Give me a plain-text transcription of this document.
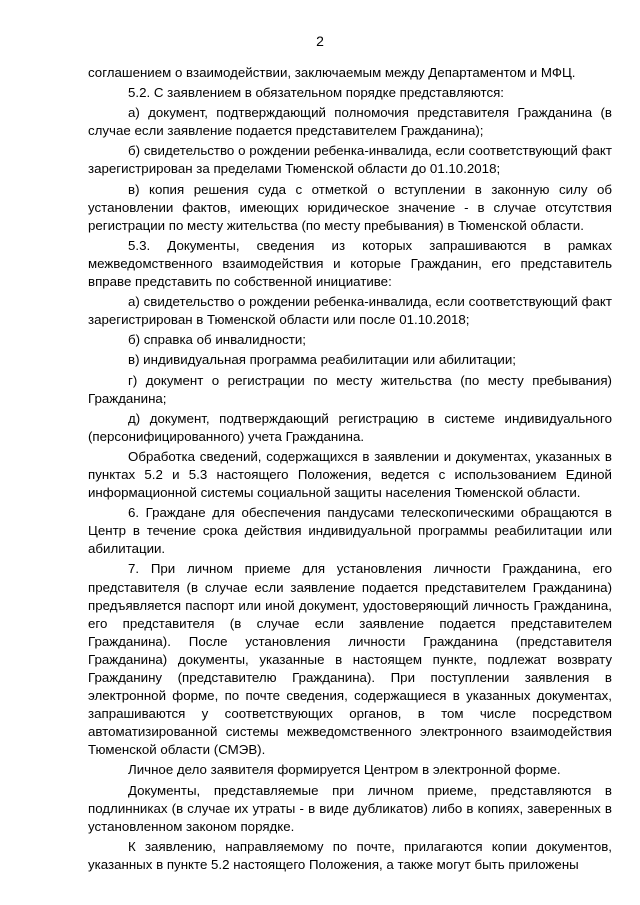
2

соглашением о взаимодействии, заключаемым между Департаментом и МФЦ.

5.2. С заявлением в обязательном порядке представляются:

а) документ, подтверждающий полномочия представителя Гражданина (в случае если заявление подается представителем Гражданина);

б) свидетельство о рождении ребенка-инвалида, если соответствующий факт зарегистрирован за пределами Тюменской области до 01.10.2018;

в) копия решения суда с отметкой о вступлении в законную силу об установлении фактов, имеющих юридическое значение - в случае отсутствия регистрации по месту жительства (по месту пребывания) в Тюменской области.

5.3. Документы, сведения из которых запрашиваются в рамках межведомственного взаимодействия и которые Гражданин, его представитель вправе представить по собственной инициативе:

а) свидетельство о рождении ребенка-инвалида, если соответствующий факт зарегистрирован в Тюменской области или после 01.10.2018;

б) справка об инвалидности;

в) индивидуальная программа реабилитации или абилитации;

г) документ о регистрации по месту жительства (по месту пребывания) Гражданина;

д) документ, подтверждающий регистрацию в системе индивидуального (персонифицированного) учета Гражданина.

Обработка сведений, содержащихся в заявлении и документах, указанных в пунктах 5.2 и 5.3 настоящего Положения, ведется с использованием Единой информационной системы социальной защиты населения Тюменской области.

6. Граждане для обеспечения пандусами телескопическими обращаются в Центр в течение срока действия индивидуальной программы реабилитации или абилитации.

7. При личном приеме для установления личности Гражданина, его представителя (в случае если заявление подается представителем Гражданина) предъявляется паспорт или иной документ, удостоверяющий личность Гражданина, его представителя (в случае если заявление подается представителем Гражданина). После установления личности Гражданина (представителя Гражданина) документы, указанные в настоящем пункте, подлежат возврату Гражданину (представителю Гражданина). При поступлении заявления в электронной форме, по почте сведения, содержащиеся в указанных документах, запрашиваются у соответствующих органов, в том числе посредством автоматизированной системы межведомственного электронного взаимодействия Тюменской области (СМЭВ).

Личное дело заявителя формируется Центром в электронной форме.

Документы, представляемые при личном приеме, представляются в подлинниках (в случае их утраты - в виде дубликатов) либо в копиях, заверенных в установленном законом порядке.

К заявлению, направляемому по почте, прилагаются копии документов, указанных в пункте 5.2 настоящего Положения, а также могут быть приложены
